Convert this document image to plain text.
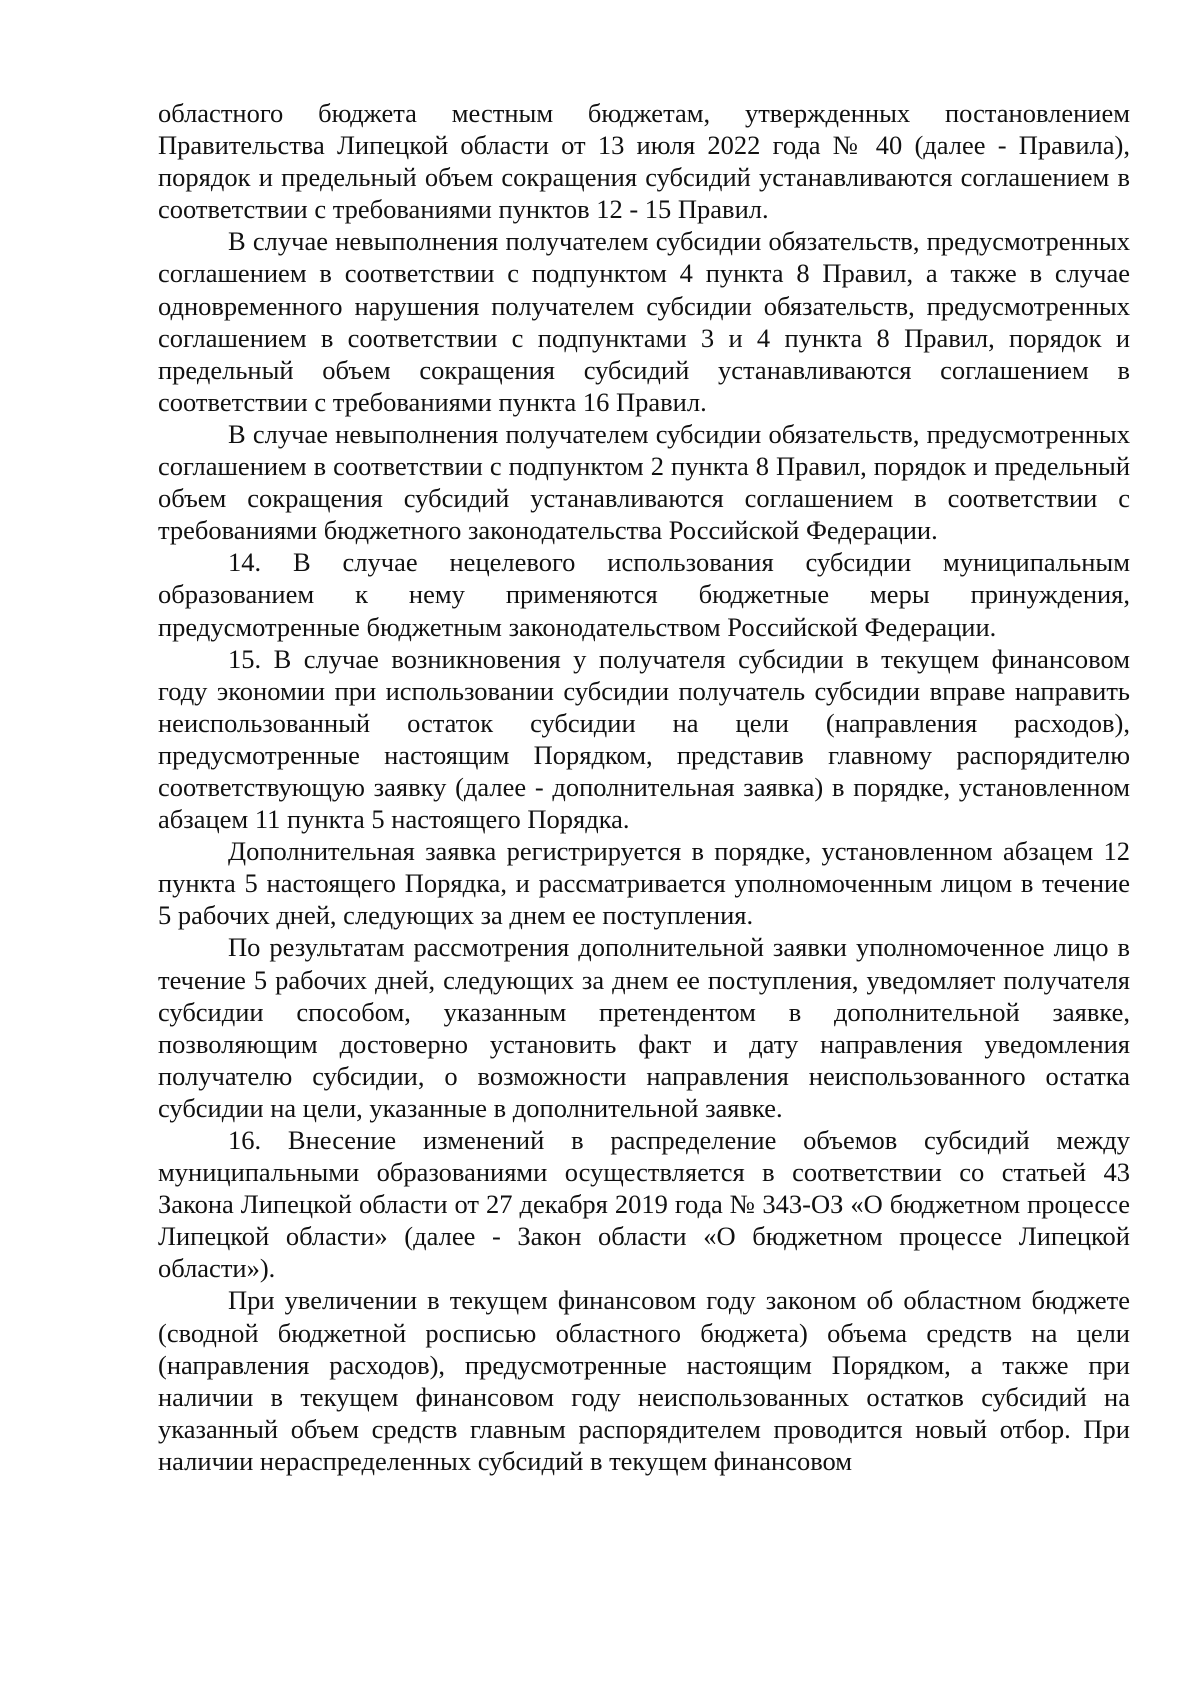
областного бюджета местным бюджетам, утвержденных постановлением Правительства Липецкой области от 13 июля 2022 года № 40 (далее - Правила), порядок и предельный объем сокращения субсидий устанавливаются соглашением в соответствии с требованиями пунктов 12 - 15 Правил.

В случае невыполнения получателем субсидии обязательств, предусмотренных соглашением в соответствии с подпунктом 4 пункта 8 Правил, а также в случае одновременного нарушения получателем субсидии обязательств, предусмотренных соглашением в соответствии с подпунктами 3 и 4 пункта 8 Правил, порядок и предельный объем сокращения субсидий устанавливаются соглашением в соответствии с требованиями пункта 16 Правил.

В случае невыполнения получателем субсидии обязательств, предусмотренных соглашением в соответствии с подпунктом 2 пункта 8 Правил, порядок и предельный объем сокращения субсидий устанавливаются соглашением в соответствии с требованиями бюджетного законодательства Российской Федерации.

14. В случае нецелевого использования субсидии муниципальным образованием к нему применяются бюджетные меры принуждения, предусмотренные бюджетным законодательством Российской Федерации.

15. В случае возникновения у получателя субсидии в текущем финансовом году экономии при использовании субсидии получатель субсидии вправе направить неиспользованный остаток субсидии на цели (направления расходов), предусмотренные настоящим Порядком, представив главному распорядителю соответствующую заявку (далее - дополнительная заявка) в порядке, установленном абзацем 11 пункта 5 настоящего Порядка.

Дополнительная заявка регистрируется в порядке, установленном абзацем 12 пункта 5 настоящего Порядка, и рассматривается уполномоченным лицом в течение 5 рабочих дней, следующих за днем ее поступления.

По результатам рассмотрения дополнительной заявки уполномоченное лицо в течение 5 рабочих дней, следующих за днем ее поступления, уведомляет получателя субсидии способом, указанным претендентом в дополнительной заявке, позволяющим достоверно установить факт и дату направления уведомления получателю субсидии, о возможности направления неиспользованного остатка субсидии на цели, указанные в дополнительной заявке.

16. Внесение изменений в распределение объемов субсидий между муниципальными образованиями осуществляется в соответствии со статьей 43 Закона Липецкой области от 27 декабря 2019 года № 343-ОЗ «О бюджетном процессе Липецкой области» (далее - Закон области «О бюджетном процессе Липецкой области»).

При увеличении в текущем финансовом году законом об областном бюджете (сводной бюджетной росписью областного бюджета) объема средств на цели (направления расходов), предусмотренные настоящим Порядком, а также при наличии в текущем финансовом году неиспользованных остатков субсидий на указанный объем средств главным распорядителем проводится новый отбор. При наличии нераспределенных субсидий в текущем финансовом
